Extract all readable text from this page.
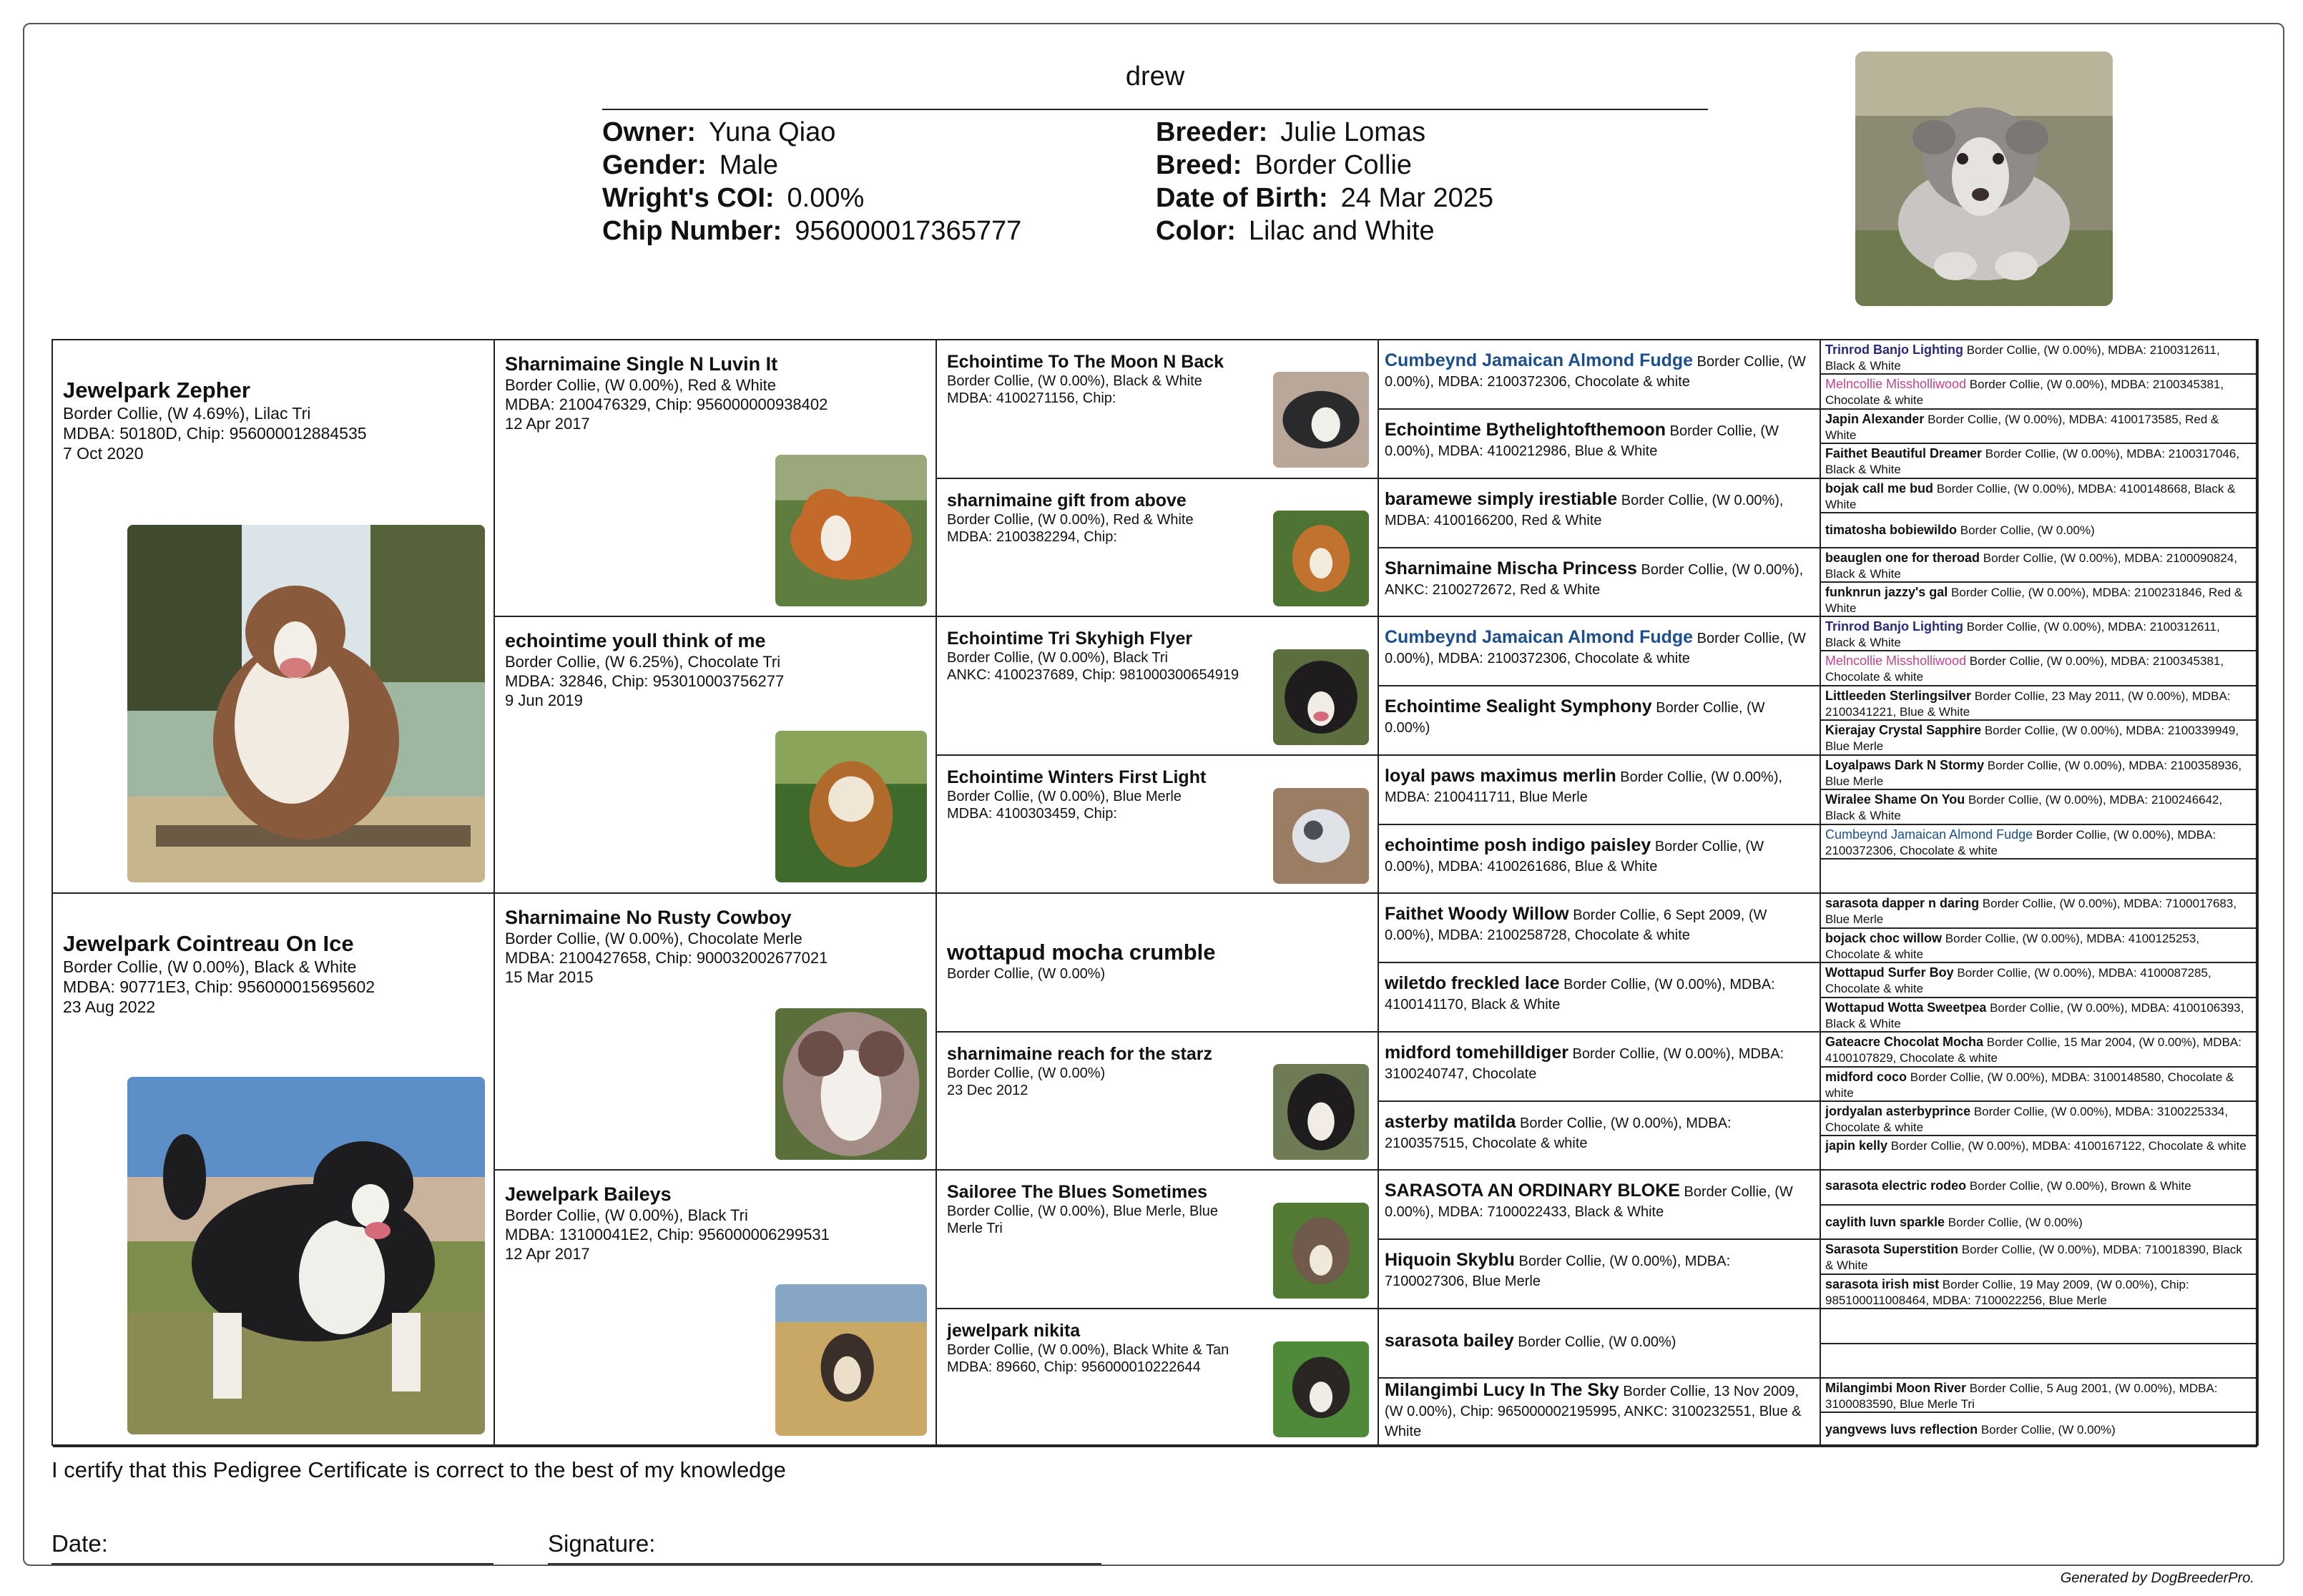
drew
Owner: Yuna Qiao
Gender: Male
Wright's COI: 0.00%
Chip Number: 956000017365777
Breeder: Julie Lomas
Breed: Border Collie
Date of Birth: 24 Mar 2025
Color: Lilac and White
Jewelpark Zepher
Border Collie, (W 4.69%), Lilac Tri
MDBA: 50180D, Chip: 956000012884535
7 Oct 2020
Jewelpark Cointreau On Ice
Border Collie, (W 0.00%), Black & White
MDBA: 90771E3, Chip: 956000015695602
23 Aug 2022
Sharnimaine Single N Luvin It
Border Collie, (W 0.00%), Red & White
MDBA: 2100476329, Chip: 956000000938402
12 Apr 2017
echointime youll think of me
Border Collie, (W 6.25%), Chocolate Tri
MDBA: 32846, Chip: 953010003756277
9 Jun 2019
Sharnimaine No Rusty Cowboy
Border Collie, (W 0.00%), Chocolate Merle
MDBA: 2100427658, Chip: 900032002677021
15 Mar 2015
Jewelpark Baileys
Border Collie, (W 0.00%), Black Tri
MDBA: 13100041E2, Chip: 956000006299531
12 Apr 2017
Echointime To The Moon N Back
Border Collie, (W 0.00%), Black & White
MDBA: 4100271156, Chip:
sharnimaine gift from above
Border Collie, (W 0.00%), Red & White
MDBA: 2100382294, Chip:
Echointime Tri Skyhigh Flyer
Border Collie, (W 0.00%), Black Tri
ANKC: 4100237689, Chip: 981000300654919
Echointime Winters First Light
Border Collie, (W 0.00%), Blue Merle
MDBA: 4100303459, Chip:
wottapud mocha crumble
Border Collie, (W 0.00%)
sharnimaine reach for the starz
Border Collie, (W 0.00%)
23 Dec 2012
Sailoree The Blues Sometimes
Border Collie, (W 0.00%), Blue Merle, Blue
Merle Tri
jewelpark nikita
Border Collie, (W 0.00%), Black White & Tan
MDBA: 89660, Chip: 956000010222644
Cumbeynd Jamaican Almond Fudge Border Collie, (W 0.00%), MDBA: 2100372306, Chocolate & white
Echointime Bythelightofthemoon Border Collie, (W 0.00%), MDBA: 4100212986, Blue & White
baramewe simply irestiable Border Collie, (W 0.00%), MDBA: 4100166200, Red & White
Sharnimaine Mischa Princess Border Collie, (W 0.00%), ANKC: 2100272672, Red & White
Cumbeynd Jamaican Almond Fudge Border Collie, (W 0.00%), MDBA: 2100372306, Chocolate & white
Echointime Sealight Symphony Border Collie, (W 0.00%)
loyal paws maximus merlin Border Collie, (W 0.00%), MDBA: 2100411711, Blue Merle
echointime posh indigo paisley Border Collie, (W 0.00%), MDBA: 4100261686, Blue & White
Faithet Woody Willow Border Collie, 6 Sept 2009, (W 0.00%), MDBA: 2100258728, Chocolate & white
wiletdo freckled lace Border Collie, (W 0.00%), MDBA: 4100141170, Black & White
midford tomehilldiger Border Collie, (W 0.00%), MDBA: 3100240747, Chocolate
asterby matilda Border Collie, (W 0.00%), MDBA: 2100357515, Chocolate & white
SARASOTA AN ORDINARY BLOKE Border Collie, (W 0.00%), MDBA: 7100022433, Black & White
Hiquoin Skyblu Border Collie, (W 0.00%), MDBA: 7100027306, Blue Merle
sarasota bailey Border Collie, (W 0.00%)
Milangimbi Lucy In The Sky Border Collie, 13 Nov 2009, (W 0.00%), Chip: 965000002195995, ANKC: 3100232551, Blue & White
Trinrod Banjo Lighting Border Collie, (W 0.00%), MDBA: 2100312611, Black & White
Melncollie Missholliwood Border Collie, (W 0.00%), MDBA: 2100345381, Chocolate & white
Japin Alexander Border Collie, (W 0.00%), MDBA: 4100173585, Red & White
Faithet Beautiful Dreamer Border Collie, (W 0.00%), MDBA: 2100317046, Black & White
bojak call me bud Border Collie, (W 0.00%), MDBA: 4100148668, Black & White
timatosha bobiewildo Border Collie, (W 0.00%)
beauglen one for theroad Border Collie, (W 0.00%), MDBA: 2100090824, Black & White
funknrun jazzy's gal Border Collie, (W 0.00%), MDBA: 2100231846, Red & White
Trinrod Banjo Lighting Border Collie, (W 0.00%), MDBA: 2100312611, Black & White
Melncollie Missholliwood Border Collie, (W 0.00%), MDBA: 2100345381, Chocolate & white
Littleeden Sterlingsilver Border Collie, 23 May 2011, (W 0.00%), MDBA: 2100341221, Blue & White
Kierajay Crystal Sapphire Border Collie, (W 0.00%), MDBA: 2100339949, Blue Merle
Loyalpaws Dark N Stormy Border Collie, (W 0.00%), MDBA: 2100358936, Blue Merle
Wiralee Shame On You Border Collie, (W 0.00%), MDBA: 2100246642, Black & White
Cumbeynd Jamaican Almond Fudge Border Collie, (W 0.00%), MDBA: 2100372306, Chocolate & white
sarasota dapper n daring Border Collie, (W 0.00%), MDBA: 7100017683, Blue Merle
bojack choc willow Border Collie, (W 0.00%), MDBA: 4100125253, Chocolate & white
Wottapud Surfer Boy Border Collie, (W 0.00%), MDBA: 4100087285, Chocolate & white
Wottapud Wotta Sweetpea Border Collie, (W 0.00%), MDBA: 4100106393, Black & White
Gateacre Chocolat Mocha Border Collie, 15 Mar 2004, (W 0.00%), MDBA: 4100107829, Chocolate & white
midford coco Border Collie, (W 0.00%), MDBA: 3100148580, Chocolate & white
jordyalan asterbyprince Border Collie, (W 0.00%), MDBA: 3100225334, Chocolate & white
japin kelly Border Collie, (W 0.00%), MDBA: 4100167122, Chocolate & white
sarasota electric rodeo Border Collie, (W 0.00%), Brown & White
caylith luvn sparkle Border Collie, (W 0.00%)
Sarasota Superstition Border Collie, (W 0.00%), MDBA: 710018390, Black & White
sarasota irish mist Border Collie, 19 May 2009, (W 0.00%), Chip: 985100011008464, MDBA: 7100022256, Blue Merle
Milangimbi Moon River Border Collie, 5 Aug 2001, (W 0.00%), MDBA: 3100083590, Blue Merle Tri
yangvews luvs reflection Border Collie, (W 0.00%)
I certify that this Pedigree Certificate is correct to the best of my knowledge
Date:	Signature:
Generated by DogBreederPro.
